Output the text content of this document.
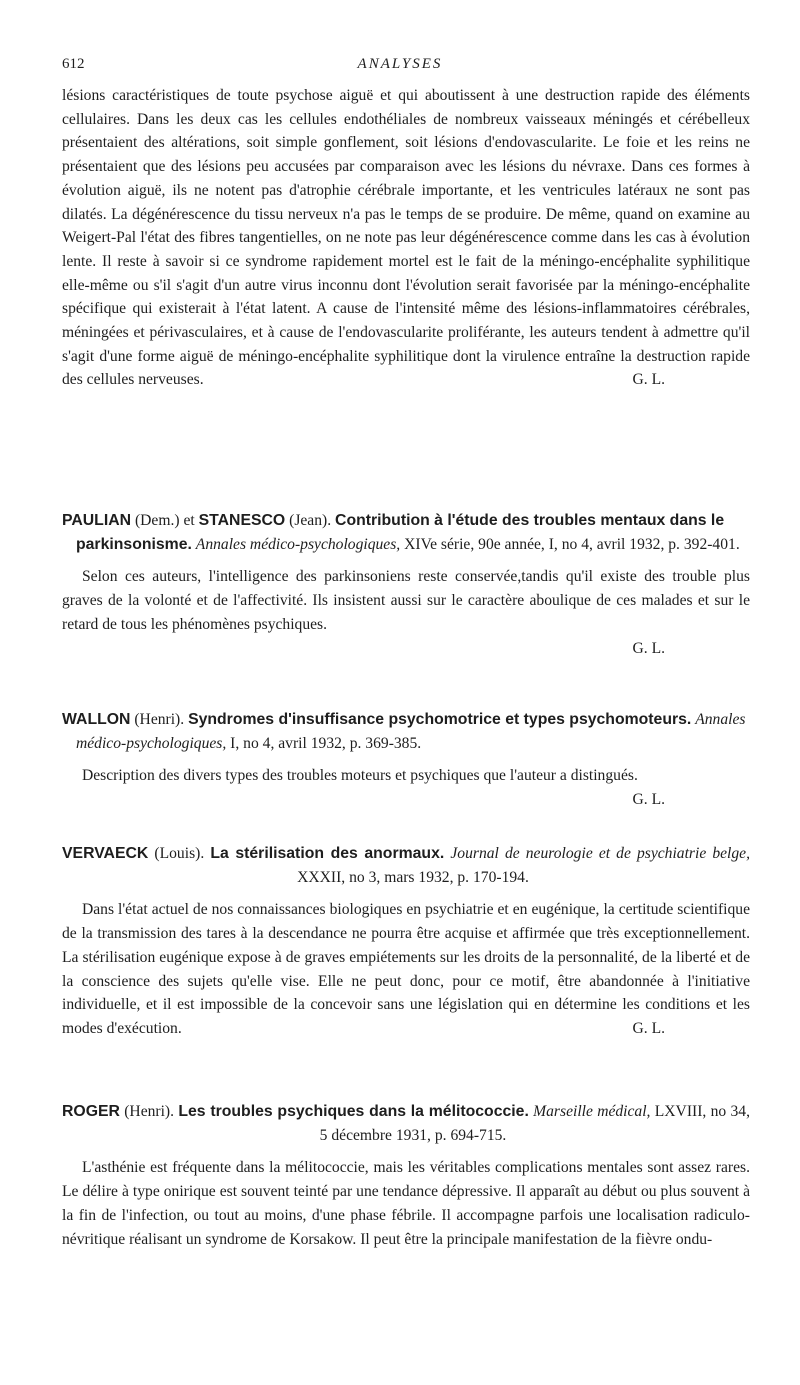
612	ANALYSES

lésions caractéristiques de toute psychose aiguë et qui aboutissent à une destruction rapide des éléments cellulaires. Dans les deux cas les cellules endothéliales de nombreux vaisseaux méningés et cérébelleux présentaient des altérations, soit simple gonflement, soit lésions d'endovascularite. Le foie et les reins ne présentaient que des lésions peu accusées par comparaison avec les lésions du névraxe. Dans ces formes à évolution aiguë, ils ne notent pas d'atrophie cérébrale importante, et les ventricules latéraux ne sont pas dilatés. La dégénérescence du tissu nerveux n'a pas le temps de se produire. De même, quand on examine au Weigert-Pal l'état des fibres tangentielles, on ne note pas leur dégénérescence comme dans les cas à évolution lente. Il reste à savoir si ce syndrome rapidement mortel est le fait de la méningo-encéphalite syphilitique elle-même ou s'il s'agit d'un autre virus inconnu dont l'évolution serait favorisée par la méningo-encéphalite spécifique qui existerait à l'état latent. A cause de l'intensité même des lésions-inflammatoires cérébrales, méningées et périvasculaires, et à cause de l'endovascularite proliférante, les auteurs tendent à admettre qu'il s'agit d'une forme aiguë de méningo-encéphalite syphilitique dont la virulence entraîne la destruction rapide des cellules nerveuses.	G. L.

PAULIAN (Dem.) et STANESCO (Jean). Contribution à l'étude des troubles mentaux dans le parkinsonisme. Annales médico-psychologiques, XIVe série, 90e année, I, no 4, avril 1932, p. 392-401.

Selon ces auteurs, l'intelligence des parkinsoniens reste conservée,tandis qu'il existe des trouble plus graves de la volonté et de l'affectivité. Ils insistent aussi sur le caractère aboulique de ces malades et sur le retard de tous les phénomènes psychiques.

G. L.

WALLON (Henri). Syndromes d'insuffisance psychomotrice et types psychomoteurs. Annales médico-psychologiques, I, no 4, avril 1932, p. 369-385.

Description des divers types des troubles moteurs et psychiques que l'auteur a distingués.
G. L.

VERVAECK (Louis). La stérilisation des anormaux. Journal de neurologie et de psychiatrie belge, XXXII, no 3, mars 1932, p. 170-194.

Dans l'état actuel de nos connaissances biologiques en psychiatrie et en eugénique, la certitude scientifique de la transmission des tares à la descendance ne pourra être acquise et affirmée que très exceptionnellement. La stérilisation eugénique expose à de graves empiétements sur les droits de la personnalité, de la liberté et de la conscience des sujets qu'elle vise. Elle ne peut donc, pour ce motif, être abandonnée à l'initiative individuelle, et il est impossible de la concevoir sans une législation qui en détermine les conditions et les modes d'exécution.	G. L.

ROGER (Henri). Les troubles psychiques dans la mélitococcie. Marseille médical, LXVIII, no 34, 5 décembre 1931, p. 694-715.

L'asthénie est fréquente dans la mélitococcie, mais les véritables complications mentales sont assez rares. Le délire à type onirique est souvent teinté par une tendance dépressive. Il apparaît au début ou plus souvent à la fin de l'infection, ou tout au moins, d'une phase fébrile. Il accompagne parfois une localisation radiculo-névritique réalisant un syndrome de Korsakow. Il peut être la principale manifestation de la fièvre ondu-
